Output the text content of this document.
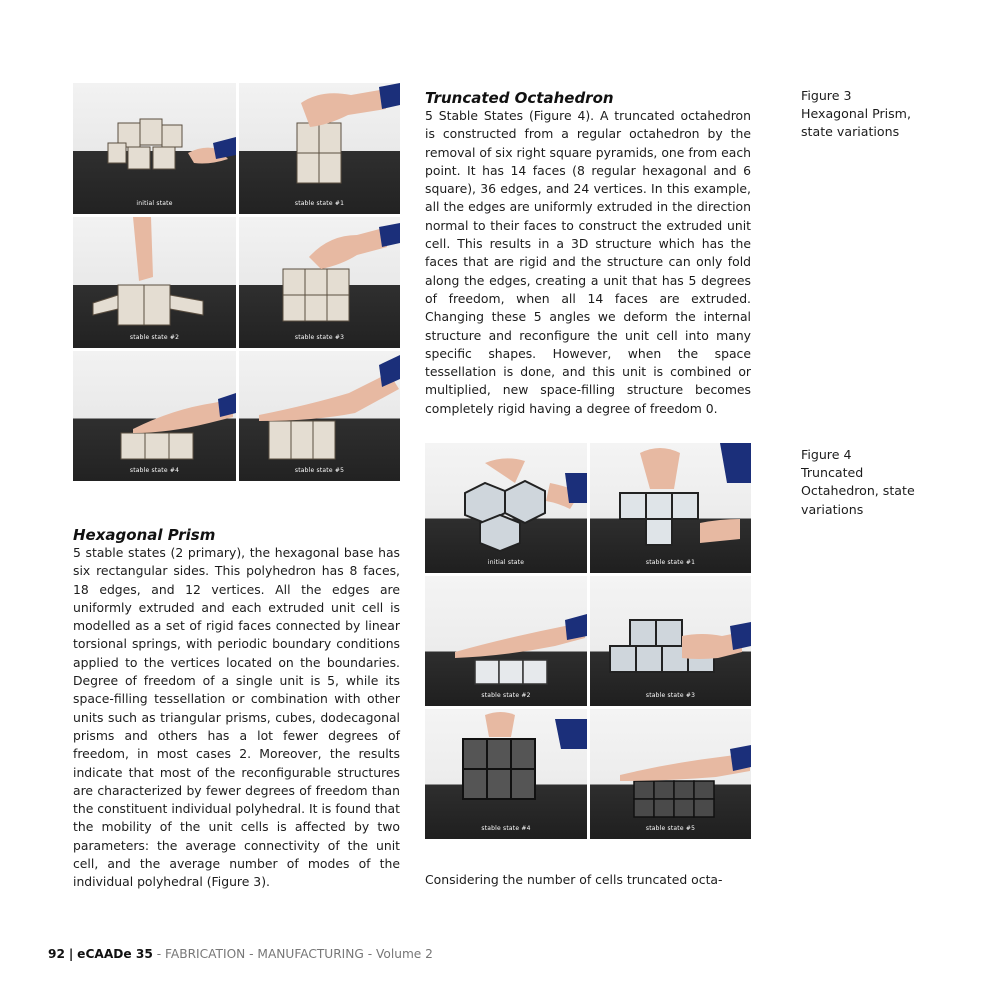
initial state	stable state #1
stable state #2	stable state #3
stable state #4	stable state #5
Figure 3
Hexagonal Prism,
state variations
Truncated Octahedron

5 Stable States (Figure 4). A truncated octahedron is constructed from a regular octahedron by the removal of six right square pyramids, one from each point. It has 14 faces (8 regular hexagonal and 6 square), 36 edges, and 24 vertices. In this example, all the edges are uniformly extruded in the direction normal to their faces to construct the extruded unit cell. This results in a 3D structure which has the faces that are rigid and the structure can only fold along the edges, creating a unit that has 5 degrees of freedom, when all 14 faces are extruded. Changing these 5 angles we deform the internal structure and reconfigure the unit cell into many specific shapes. However, when the space tessellation is done, and this unit is combined or multiplied, new space-filling structure becomes completely rigid having a degree of freedom 0.

initial state	stable state #1
stable state #2	stable state #3
stable state #4	stable state #5
Figure 4
Truncated
Octahedron, state
variations
Hexagonal Prism

5 stable states (2 primary), the hexagonal base has six rectangular sides. This polyhedron has 8 faces, 18 edges, and 12 vertices. All the edges are uniformly extruded and each extruded unit cell is modelled as a set of rigid faces connected by linear torsional springs, with periodic boundary conditions applied to the vertices located on the boundaries. Degree of freedom of a single unit is 5, while its space-filling tessellation or combination with other units such as triangular prisms, cubes, dodecagonal prisms and others has a lot fewer degrees of freedom, in most cases 2. Moreover, the results indicate that most of the reconfigurable structures are characterized by fewer degrees of freedom than the constituent individual polyhedral. It is found that the mobility of the unit cells is affected by two parameters: the average connectivity of the unit cell, and the average number of modes of the individual polyhedral (Figure 3).	Considering the number of cells truncated octa-
92 | eCAADe 35 - FABRICATION - MANUFACTURING - Volume 2
